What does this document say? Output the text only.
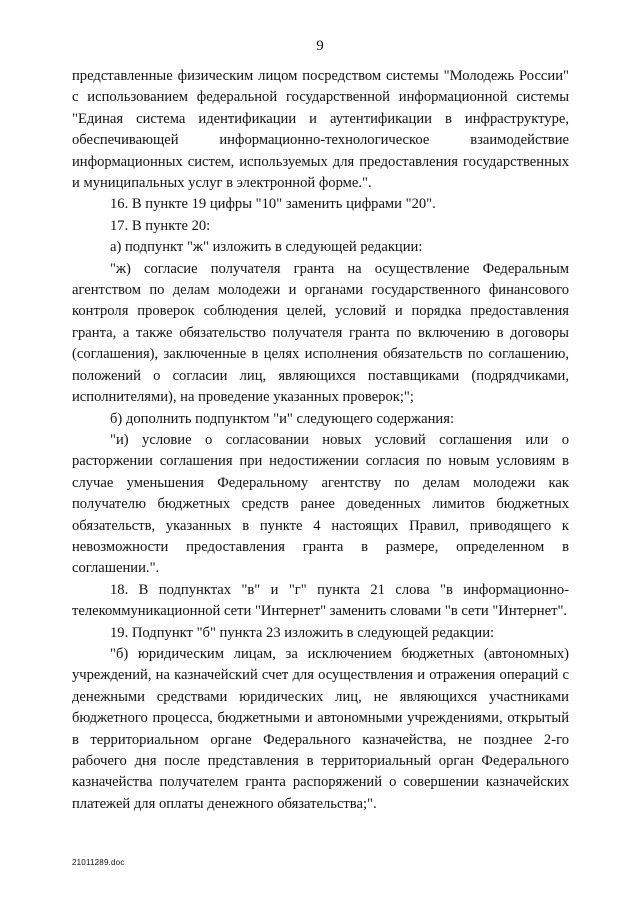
9

представленные физическим лицом посредством системы "Молодежь России" с использованием федеральной государственной информационной системы "Единая система идентификации и аутентификации в инфраструктуре, обеспечивающей информационно-технологическое взаимодействие информационных систем, используемых для предоставления государственных и муниципальных услуг в электронной форме.".

16. В пункте 19 цифры "10" заменить цифрами "20".

17. В пункте 20:

а) подпункт "ж" изложить в следующей редакции:

"ж) согласие получателя гранта на осуществление Федеральным агентством по делам молодежи и органами государственного финансового контроля проверок соблюдения целей, условий и порядка предоставления гранта, а также обязательство получателя гранта по включению в договоры (соглашения), заключенные в целях исполнения обязательств по соглашению, положений о согласии лиц, являющихся поставщиками (подрядчиками, исполнителями), на проведение указанных проверок;";

б) дополнить подпунктом "и" следующего содержания:

"и) условие о согласовании новых условий соглашения или о расторжении соглашения при недостижении согласия по новым условиям в случае уменьшения Федеральному агентству по делам молодежи как получателю бюджетных средств ранее доведенных лимитов бюджетных обязательств, указанных в пункте 4 настоящих Правил, приводящего к невозможности предоставления гранта в размере, определенном в соглашении.".

18. В подпунктах "в" и "г" пункта 21 слова "в информационно-телекоммуникационной сети "Интернет" заменить словами "в сети "Интернет".

19. Подпункт "б" пункта 23 изложить в следующей редакции:

"б) юридическим лицам, за исключением бюджетных (автономных) учреждений, на казначейский счет для осуществления и отражения операций с денежными средствами юридических лиц, не являющихся участниками бюджетного процесса, бюджетными и автономными учреждениями, открытый в территориальном органе Федерального казначейства, не позднее 2-го рабочего дня после представления в территориальный орган Федерального казначейства получателем гранта распоряжений о совершении казначейских платежей для оплаты денежного обязательства;".

21011289.doc
